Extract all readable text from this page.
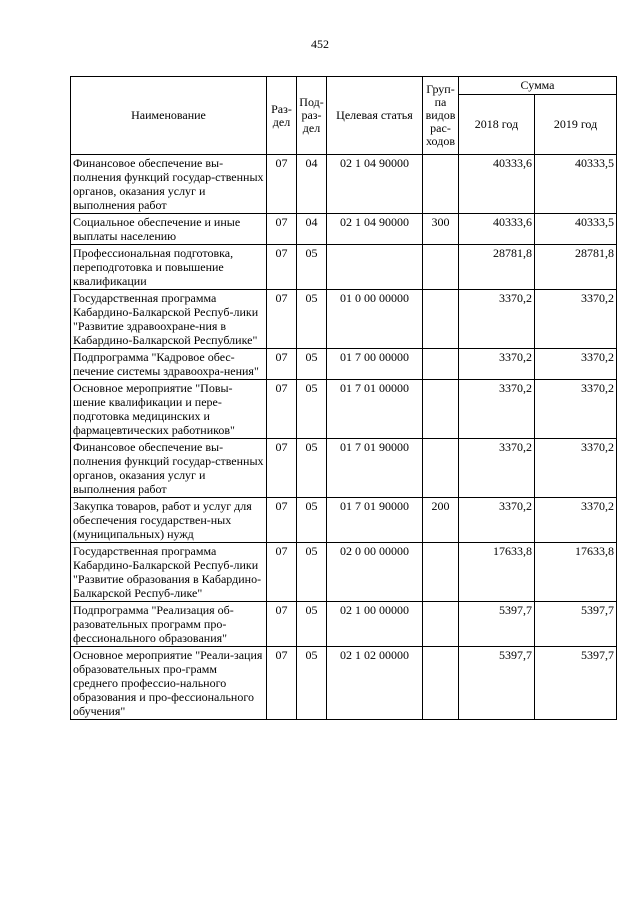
452
Наименование	Раз-дел	Под-раз-дел	Целевая статья	Груп-па видов рас-ходов	Сумма	
					2018 год	2019 год
Финансовое обеспечение вы-полнения функций государ-ственных органов, оказания услуг и выполнения работ	07	04	02 1 04 90000		40333,6	40333,5
Социальное обеспечение и иные выплаты населению	07	04	02 1 04 90000	300	40333,6	40333,5
Профессиональная подготовка, переподготовка и повышение квалификации	07	05			28781,8	28781,8
Государственная программа Кабардино-Балкарской Респуб-лики "Развитие здравоохране-ния в Кабардино-Балкарской Республике"	07	05	01 0 00 00000		3370,2	3370,2
Подпрограмма "Кадровое обес-печение системы здравоохра-нения"	07	05	01 7 00 00000		3370,2	3370,2
Основное мероприятие "Повы-шение квалификации и пере-подготовка медицинских и фармацевтических работников"	07	05	01 7 01 00000		3370,2	3370,2
Финансовое обеспечение вы-полнения функций государ-ственных органов, оказания услуг и выполнения работ	07	05	01 7 01 90000		3370,2	3370,2
Закупка товаров, работ и услуг для обеспечения государствен-ных (муниципальных) нужд	07	05	01 7 01 90000	200	3370,2	3370,2
Государственная программа Кабардино-Балкарской Респуб-лики "Развитие образования в Кабардино-Балкарской Респуб-лике"	07	05	02 0 00 00000		17633,8	17633,8
Подпрограмма "Реализация об-разовательных программ про-фессионального образования"	07	05	02 1 00 00000		5397,7	5397,7
Основное мероприятие "Реали-зация образовательных про-грамм среднего профессио-нального образования и про-фессионального обучения"	07	05	02 1 02 00000		5397,7	5397,7
